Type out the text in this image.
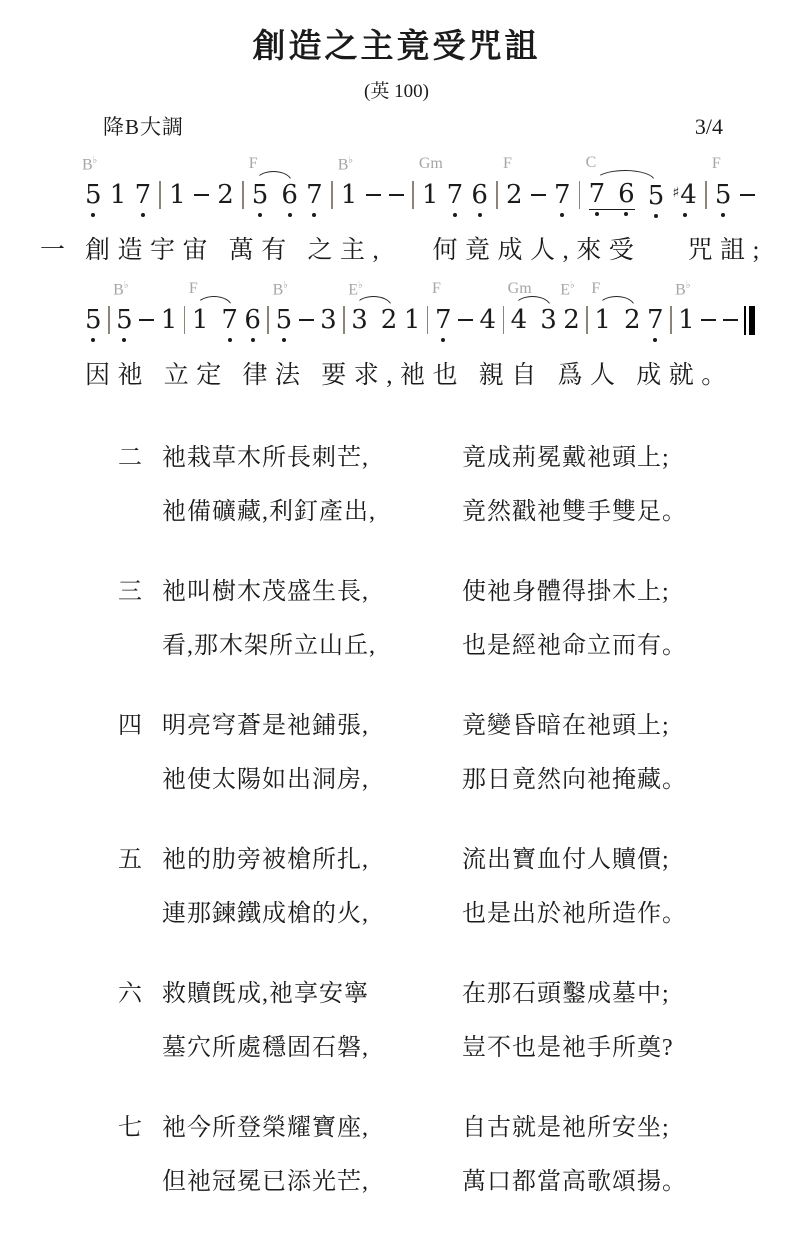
創造之主竟受咒詛
(英 100)
降B大調	3/4
B♭
5 1 7 1 2
F
5 6 7
B♭
1
Gm
1 7 6
F
2 7
C
7 6 5 ♯ 4
F
5
一 創造宇宙 萬有 之主,　 何竟成人,來受　 咒詛;
5
B♭
5 1
F
1 7 6
B♭
5 3
E♭
3 2 1
F
7 4
Gm
4 3
E♭
2
F
1 2 7
B♭
1
因祂 立定 律法 要求,祂也 親自 爲人 成就。
二 祂栽草木所長刺芒,	竟成荊冕戴祂頭上;
祂備礦藏,利釘產出,	竟然戳祂雙手雙足。
三 祂叫樹木茂盛生長,	使祂身體得掛木上;
看,那木架所立山丘,	也是經祂命立而有。
四 明亮穹蒼是祂鋪張,	竟變昏暗在祂頭上;
祂使太陽如出洞房,	那日竟然向祂掩藏。
五 祂的肋旁被槍所扎,	流出寶血付人贖價;
連那鍊鐵成槍的火,	也是出於祂所造作。
六 救贖旣成,祂享安寧	在那石頭鑿成墓中;
墓穴所處穩固石磐,	豈不也是祂手所奠?
七 祂今所登榮耀寶座,	自古就是祂所安坐;
但祂冠冕已添光芒,	萬口都當高歌頌揚。
